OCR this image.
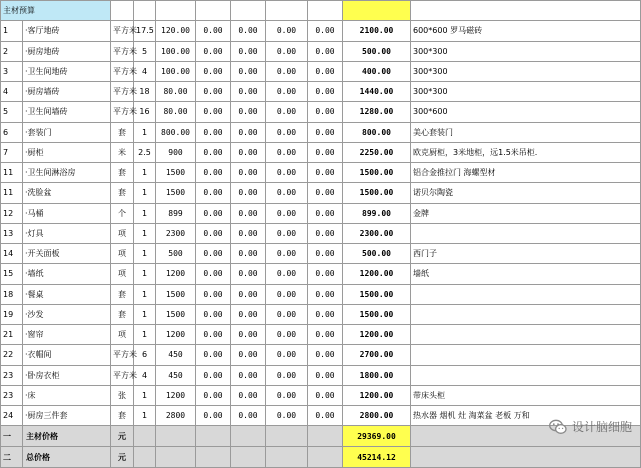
主材预算										
1	·客厅地砖	平方米	17.5	120.00	0.00	0.00	0.00	0.00	2100.00	600*600 罗马磁砖
2	·厨房地砖	平方米	5	100.00	0.00	0.00	0.00	0.00	500.00	300*300
3	·卫生间地砖	平方米	4	100.00	0.00	0.00	0.00	0.00	400.00	300*300
4	·厨房墙砖	平方米	18	80.00	0.00	0.00	0.00	0.00	1440.00	300*300
5	·卫生间墙砖	平方米	16	80.00	0.00	0.00	0.00	0.00	1280.00	300*600
6	·套装门	套	1	800.00	0.00	0.00	0.00	0.00	800.00	美心套装门
7	·厨柜	米	2.5	900	0.00	0.00	0.00	0.00	2250.00	欧克厨柜，3米地柜，远1.5米吊柜.
11	·卫生间淋浴房	套	1	1500	0.00	0.00	0.00	0.00	1500.00	铝合金推拉门 海螺型材
11	·洗脸盆	套	1	1500	0.00	0.00	0.00	0.00	1500.00	诺贝尔陶瓷
12	·马桶	个	1	899	0.00	0.00	0.00	0.00	899.00	金牌
13	·灯具	项	1	2300	0.00	0.00	0.00	0.00	2300.00	
14	·开关面板	项	1	500	0.00	0.00	0.00	0.00	500.00	西门子
15	·墙纸	项	1	1200	0.00	0.00	0.00	0.00	1200.00	墙纸
18	·餐桌	套	1	1500	0.00	0.00	0.00	0.00	1500.00	
19	·沙发	套	1	1500	0.00	0.00	0.00	0.00	1500.00	
21	·窗帘	项	1	1200	0.00	0.00	0.00	0.00	1200.00	
22	·衣帽间	平方米	6	450	0.00	0.00	0.00	0.00	2700.00	
23	·卧房衣柜	平方米	4	450	0.00	0.00	0.00	0.00	1800.00	
23	·床	张	1	1200	0.00	0.00	0.00	0.00	1200.00	带床头柜
24	·厨房三件套	套	1	2800	0.00	0.00	0.00	0.00	2800.00	热水器 烟机 灶 淘菜盆 老板 万和
一	主材价格	元							29369.00	
二	总价格	元							45214.12	
设计脑细胞
